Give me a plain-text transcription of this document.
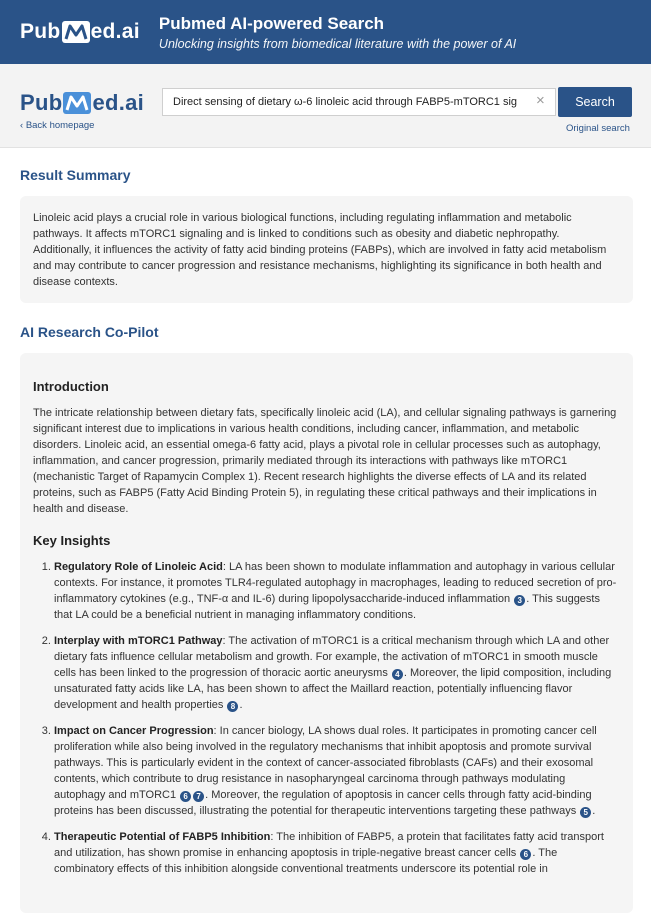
Pub ed.ai Pubmed AI-powered Search
Unlocking insights from biomedical literature with the power of AI
Pub ed.ai
‹ Back homepage
Direct sensing of dietary ω-6 linoleic acid through FABP5-mTORC1 sig	×	Search
Original search
Result Summary
Linoleic acid plays a crucial role in various biological functions, including regulating inflammation and metabolic pathways. It affects mTORC1 signaling and is linked to conditions such as obesity and diabetic nephropathy. Additionally, it influences the activity of fatty acid binding proteins (FABPs), which are involved in fatty acid metabolism and may contribute to cancer progression and resistance mechanisms, highlighting its significance in both health and disease contexts.
AI Research Co-Pilot
Introduction

The intricate relationship between dietary fats, specifically linoleic acid (LA), and cellular signaling pathways is garnering significant interest due to implications in various health conditions, including cancer, inflammation, and metabolic disorders. Linoleic acid, an essential omega-6 fatty acid, plays a pivotal role in cellular processes such as autophagy, inflammation, and cancer progression, primarily mediated through its interactions with pathways like mTORC1 (mechanistic Target of Rapamycin Complex 1). Recent research highlights the diverse effects of LA and its related proteins, such as FABP5 (Fatty Acid Binding Protein 5), in regulating these critical pathways and their implications in health and disease.

Key Insights
1. Regulatory Role of Linoleic Acid: LA has been shown to modulate inflammation and autophagy in various cellular contexts. For instance, it promotes TLR4-regulated autophagy in macrophages, leading to reduced secretion of pro-inflammatory cytokines (e.g., TNF-α and IL-6) during lipopolysaccharide-induced inflammation 3 . This suggests that LA could be a beneficial nutrient in managing inflammatory conditions.
2. Interplay with mTORC1 Pathway: The activation of mTORC1 is a critical mechanism through which LA and other dietary fats influence cellular metabolism and growth. For example, the activation of mTORC1 in smooth muscle cells has been linked to the progression of thoracic aortic aneurysms 4 . Moreover, the lipid composition, including unsaturated fatty acids like LA, has been shown to affect the Maillard reaction, potentially influencing flavor development and health properties 8 .
3. Impact on Cancer Progression: In cancer biology, LA shows dual roles. It participates in promoting cancer cell proliferation while also being involved in the regulatory mechanisms that inhibit apoptosis and promote survival pathways. This is particularly evident in the context of cancer-associated fibroblasts (CAFs) and their exosomal contents, which contribute to drug resistance in nasopharyngeal carcinoma through pathways modulating autophagy and mTORC1 6 7 . Moreover, the regulation of apoptosis in cancer cells through fatty acid-binding proteins has been discussed, illustrating the potential for therapeutic interventions targeting these pathways 5 .
4. Therapeutic Potential of FABP5 Inhibition: The inhibition of FABP5, a protein that facilitates fatty acid transport and utilization, has shown promise in enhancing apoptosis in triple-negative breast cancer cells 6 . The combinatory effects of this inhibition alongside conventional treatments underscore its potential role in
